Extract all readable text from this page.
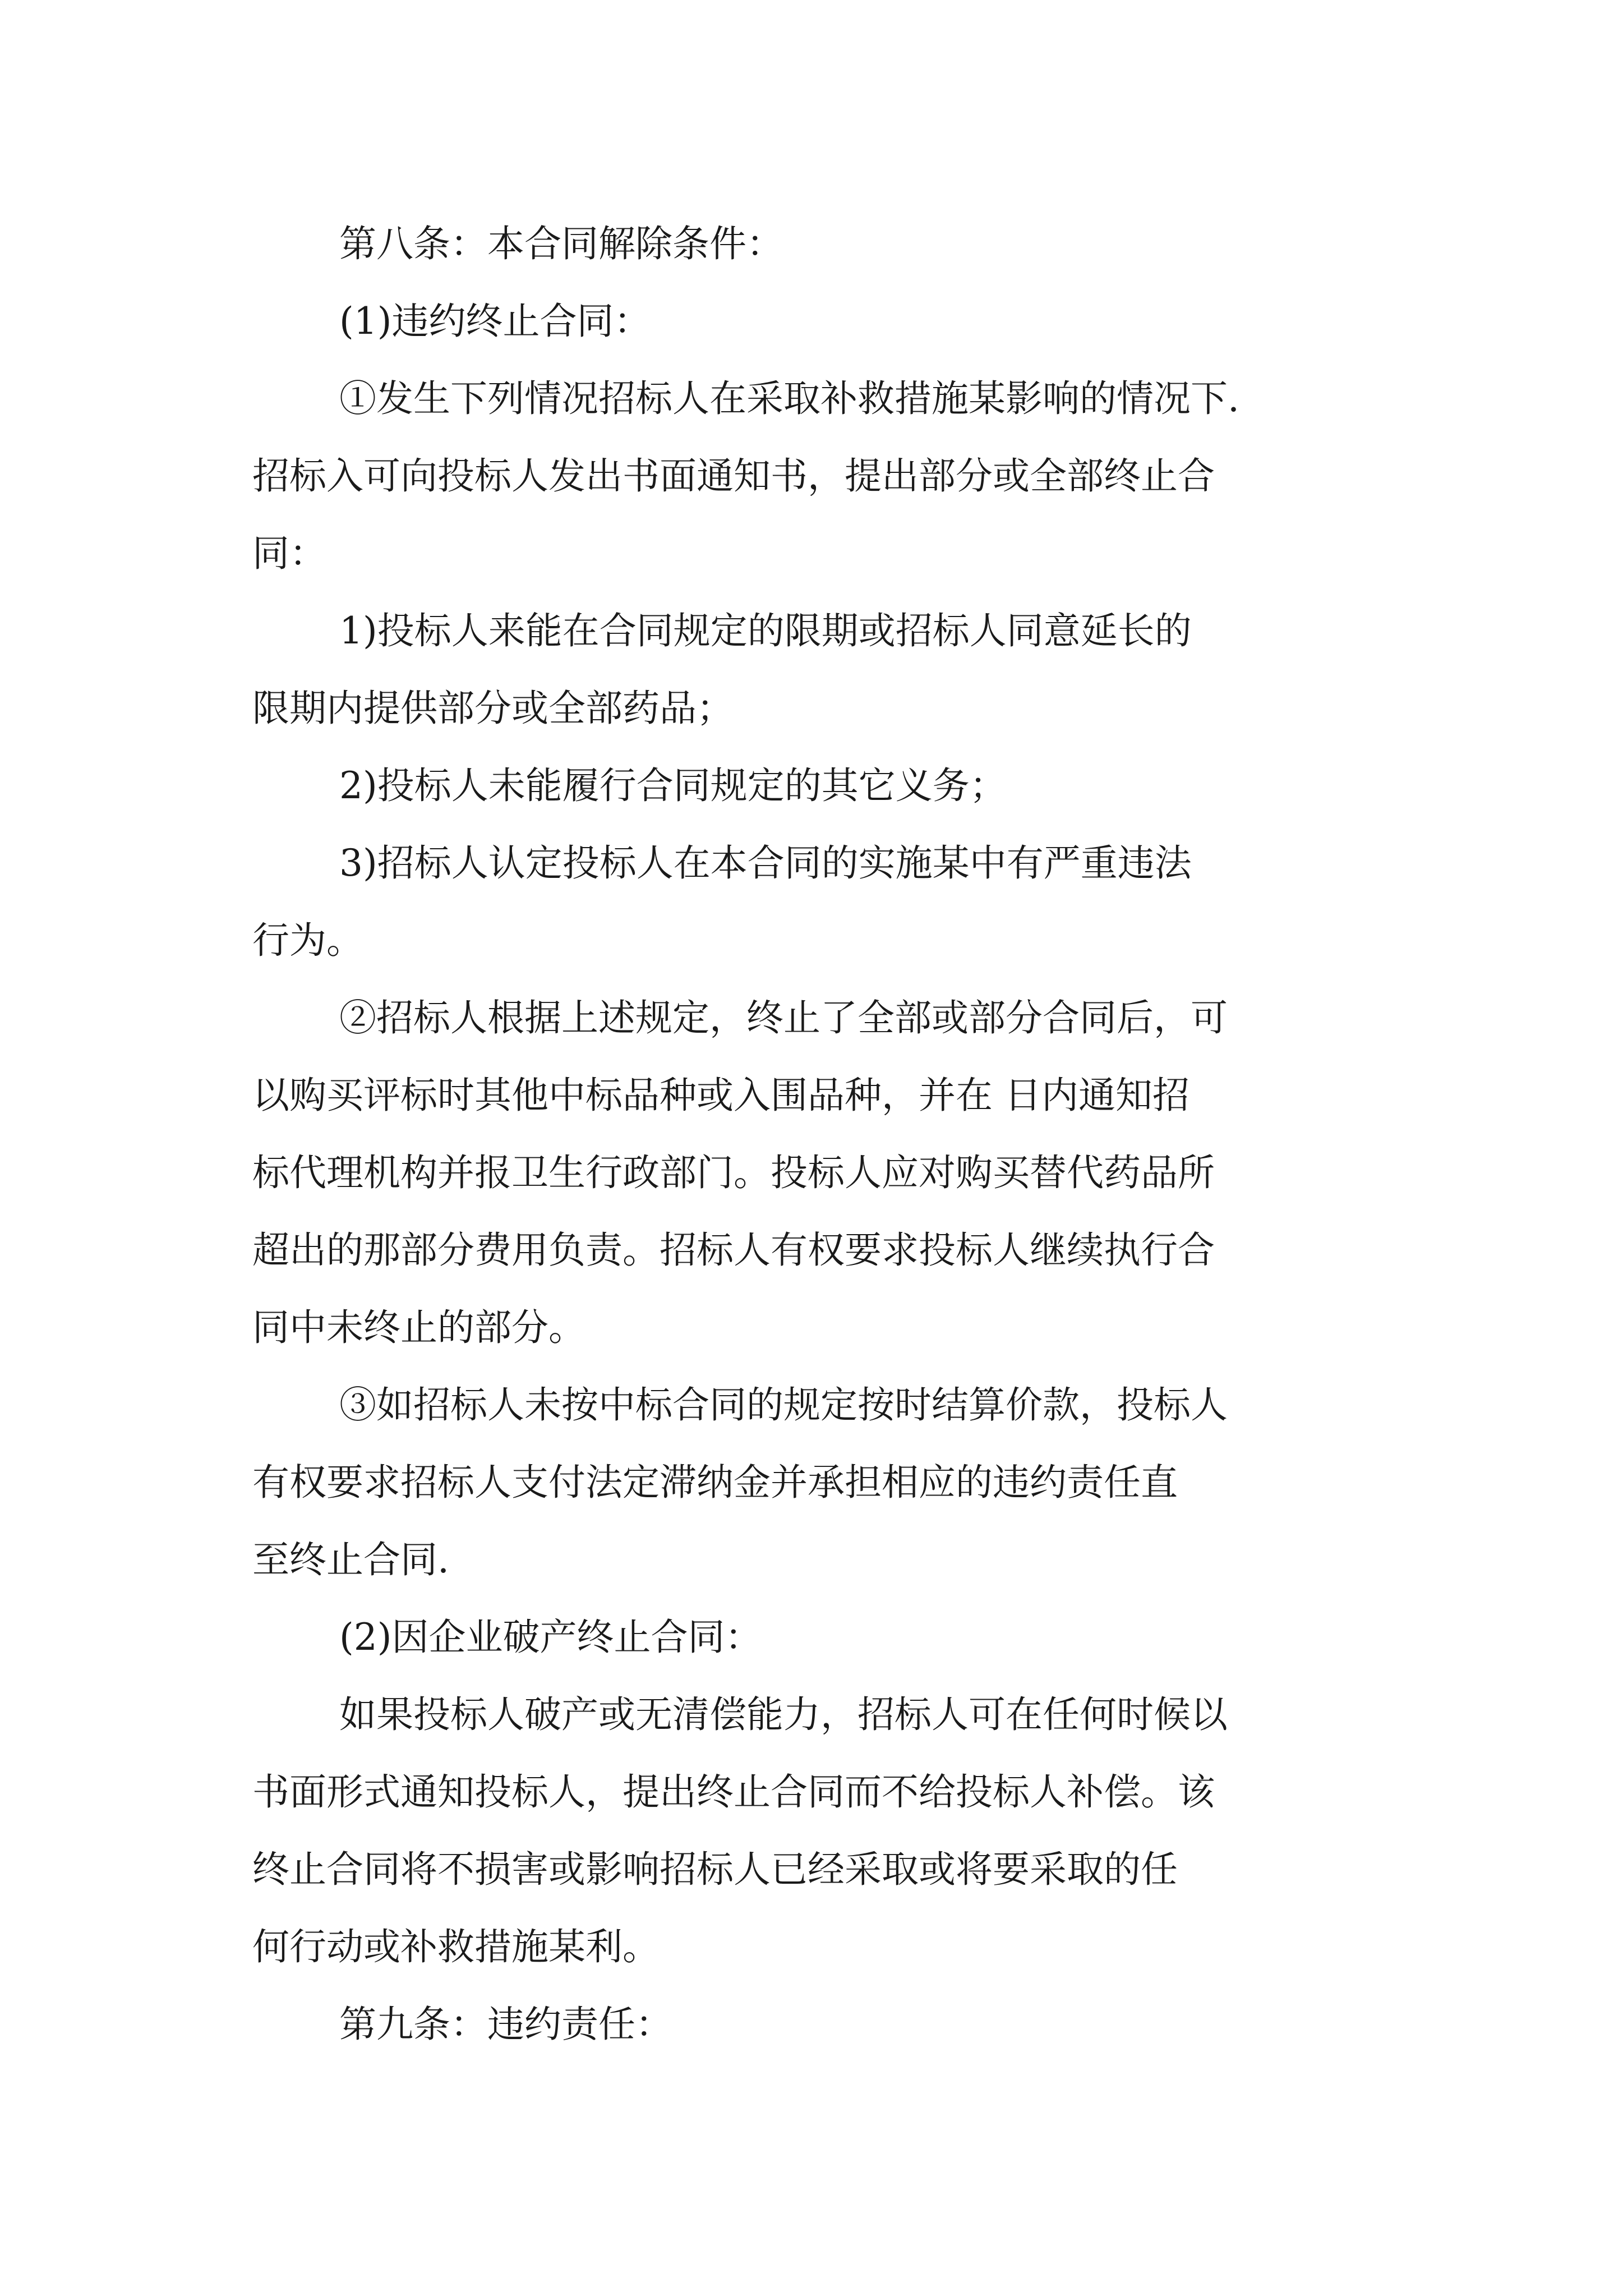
第八条：本合同解除条件：
(1)违约终止合同：
①发生下列情况招标人在采取补救措施某影响的情况下.
招标入可向投标人发出书面通知书，提出部分或全部终止合
同：
1)投标人来能在合同规定的限期或招标人同意延长的
限期内提供部分或全部药品；
2)投标人未能履行合同规定的其它义务；
3)招标人认定投标人在本合同的实施某中有严重违法
行为。
②招标人根据上述规定，终止了全部或部分合同后，可
以购买评标时其他中标品种或入围品种，并在 日内通知招
标代理机构并报卫生行政部门。投标人应对购买替代药品所
超出的那部分费用负责。招标人有权要求投标人继续执行合
同中未终止的部分。
③如招标人未按中标合同的规定按时结算价款，投标人
有权要求招标人支付法定滞纳金并承担相应的违约责任直
至终止合同.
(2)因企业破产终止合同：
如果投标人破产或无清偿能力，招标人可在任何时候以
书面形式通知投标人，提出终止合同而不给投标人补偿。该
终止合同将不损害或影响招标人已经采取或将要采取的任
何行动或补救措施某利。
第九条：违约责任：
